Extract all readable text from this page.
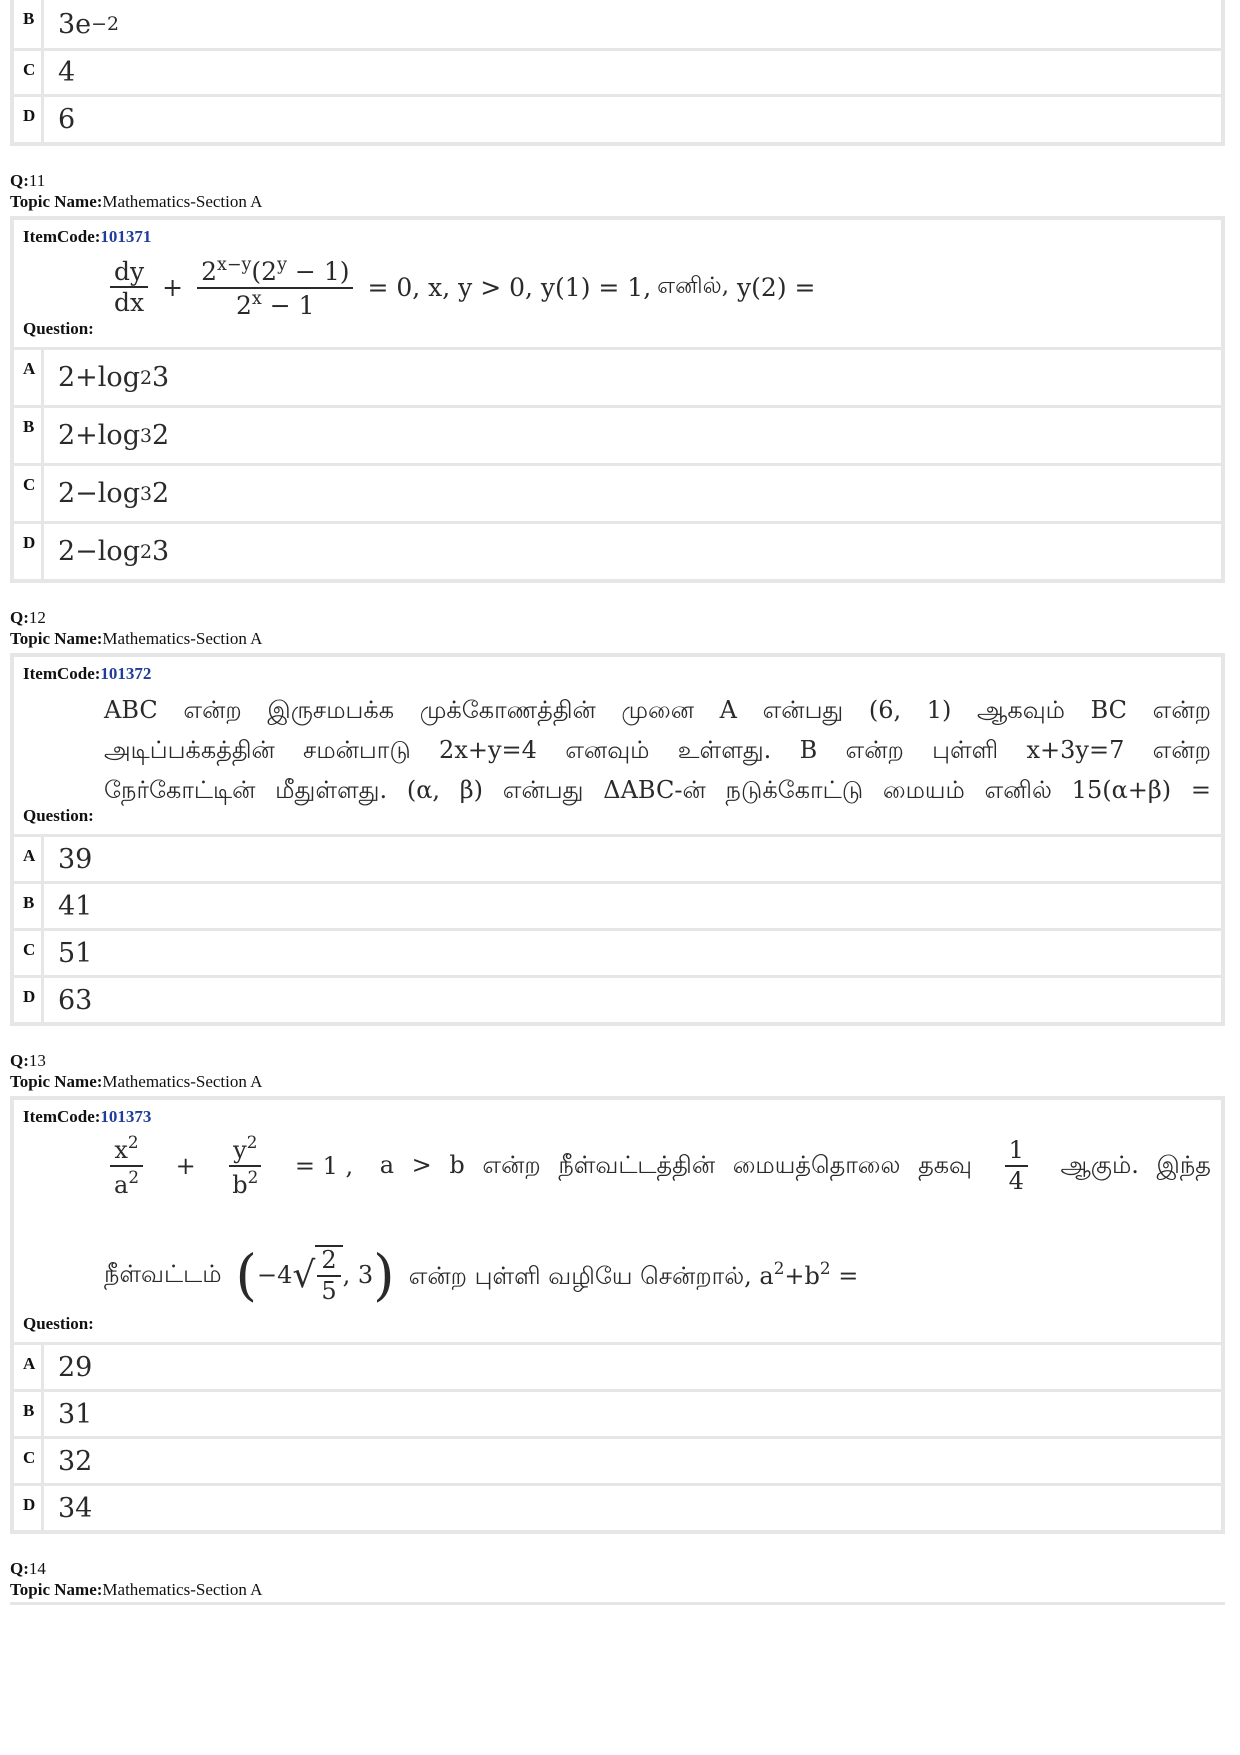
B 3e −2
C 4
D 6
Q:11
Topic Name:Mathematics-Section A
ItemCode:101371
$\frac{dy}{dx} + \frac{2^{x-y}(2^y - 1)}{2^x - 1} = 0$, x, y > 0, y(1) = 1, எனில், y(2) =
Question:
A 2+log 2 3
B 2+log 3 2
C 2−log 3 2
D 2−log 2 3
Q:12
Topic Name:Mathematics-Section A
ItemCode:101372
ABC என்ற இருசமபக்க முக்கோணத்தின் முனை A என்பது (6, 1) ஆகவும் BC என்ற
அடிப்பக்கத்தின் சமன்பாடு 2x+y=4 எனவும் உள்ளது. B என்ற புள்ளி x+3y=7 என்ற
நேர்கோட்டின் மீதுள்ளது. (α, β) என்பது ΔABC-ன் நடுக்கோட்டு மையம் எனில் 15(α+β) =
Question:
A 39
B 41
C 51
D 63
Q:13
Topic Name:Mathematics-Section A
ItemCode:101373
$\frac{x^2}{a^2} + \frac{y^2}{b^2} = 1$ , a > b என்ற நீள்வட்டத்தின் மையத்தொலை தகவு $\frac{1}{4}$ ஆகும். இந்த
நீள்வட்டம் ( −4 √ $\frac{2}{5}$ , 3 ) என்ற புள்ளி வழியே சென்றால், $a^2+b^2$ =
Question:
A 29
B 31
C 32
D 34
Q:14
Topic Name:Mathematics-Section A
